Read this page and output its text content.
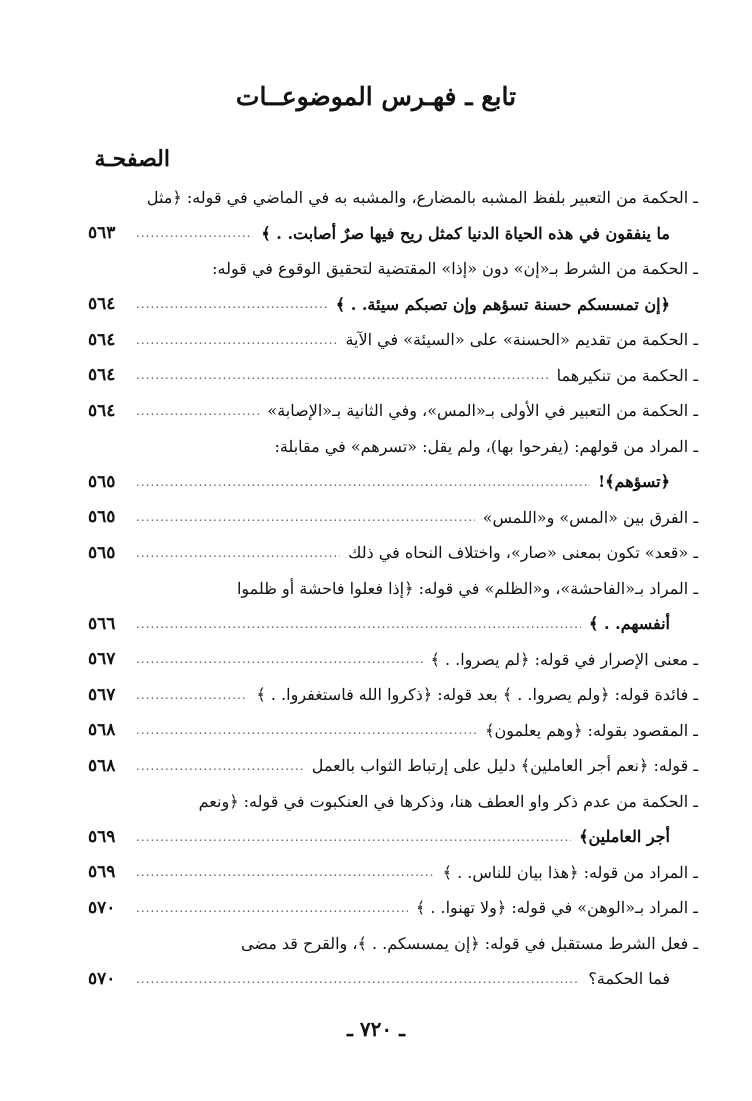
تابع ـ فهـرس الموضوعــات
الصفحـة
ـ الحكمة من التعبير بلفظ المشبه بالمضارع، والمشبه به في الماضي في قوله: ﴿مثل
ما ينفقون في هذه الحياة الدنيا كمثل ريح فيها صرٌ أصابت. . ﴾
.....
٥٦٣
ـ الحكمة من الشرط بـ«إن» دون «إذا» المقتضية لتحقيق الوقوع في قوله:
﴿إن تمسسكم حسنة تسؤهم وإن تصبكم سيئة. . ﴾
.....
٥٦٤
ـ الحكمة من تقديم «الحسنة» على «السيئة» في الآية
.....
٥٦٤
ـ الحكمة من تنكيرهما
.....
٥٦٤
ـ الحكمة من التعبير في الأولى بـ«المس»، وفي الثانية بـ«الإصابة»
.....
٥٦٤
ـ المراد من قولهم: (يفرحوا بها)، ولم يقل: «تسرهم» في مقابلة:
﴿تسؤهم﴾!
.....
٥٦٥
ـ الفرق بين «المس» و«اللمس»
.....
٥٦٥
ـ «قعد» تكون بمعنى «صار»، واختلاف النحاه في ذلك
.....
٥٦٥
ـ المراد بـ«الفاحشة»، و«الظلم» في قوله: ﴿إذا فعلوا فاحشة أو ظلموا
أنفسهم. . ﴾
.....
٥٦٦
ـ معنى الإصرار في قوله: ﴿لم يصروا. . ﴾
.....
٥٦٧
ـ فائدة قوله: ﴿ولم يصروا. . ﴾ بعد قوله: ﴿ذكروا الله فاستغفروا. . ﴾
.....
٥٦٧
ـ المقصود بقوله: ﴿وهم يعلمون﴾
.....
٥٦٨
ـ قوله: ﴿نعم أجر العاملين﴾ دليل على إرتباط الثواب بالعمل
.....
٥٦٨
ـ الحكمة من عدم ذكر واو العطف هنا، وذكرها في العنكبوت في قوله: ﴿ونعم
أجر العاملين﴾
.....
٥٦٩
ـ المراد من قوله: ﴿هذا بيان للناس. . ﴾
.....
٥٦٩
ـ المراد بـ«الوهن» في قوله: ﴿ولا تهنوا. . ﴾
.....
٥٧٠
ـ فعل الشرط مستقبل في قوله: ﴿إن يمسسكم. . ﴾، والقرح قد مضى
فما الحكمة؟
.....
٥٧٠
ـ ٧٢٠ ـ
